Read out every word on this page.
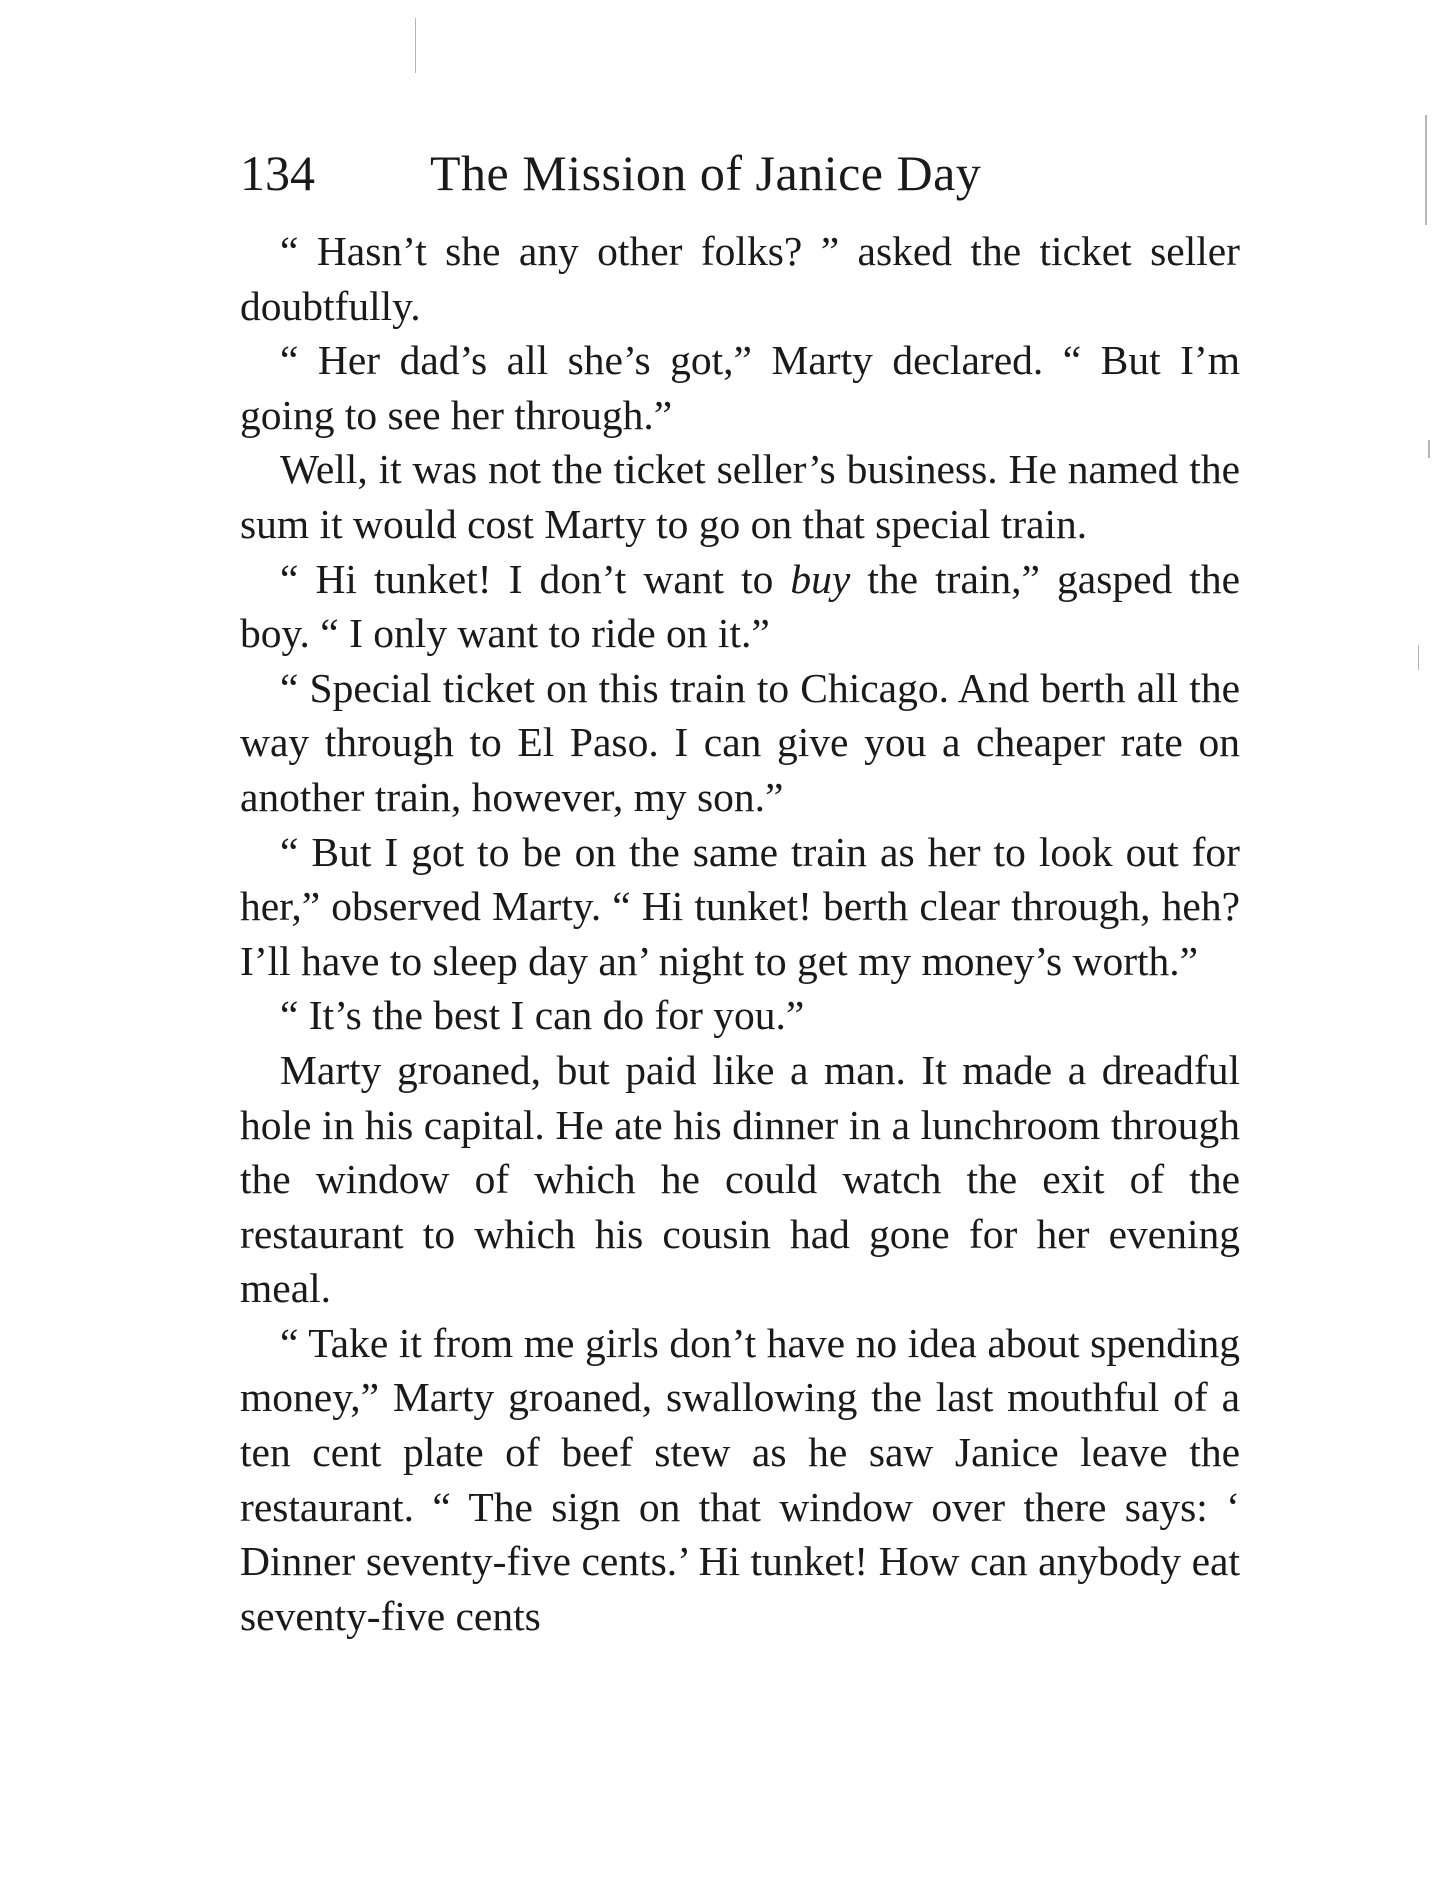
134 The Mission of Janice Day

“ Hasn’t she any other folks? ” asked the ticket seller doubtfully.

“ Her dad’s all she’s got,” Marty declared. “ But I’m going to see her through.”

Well, it was not the ticket seller’s business. He named the sum it would cost Marty to go on that special train.

“ Hi tunket! I don’t want to buy the train,” gasped the boy. “ I only want to ride on it.”

“ Special ticket on this train to Chicago. And berth all the way through to El Paso. I can give you a cheaper rate on another train, however, my son.”

“ But I got to be on the same train as her to look out for her,” observed Marty. “ Hi tunket! berth clear through, heh? I’ll have to sleep day an’ night to get my money’s worth.”

“ It’s the best I can do for you.”

Marty groaned, but paid like a man. It made a dreadful hole in his capital. He ate his dinner in a lunchroom through the window of which he could watch the exit of the restaurant to which his cousin had gone for her evening meal.

“ Take it from me girls don’t have no idea about spending money,” Marty groaned, swallowing the last mouthful of a ten cent plate of beef stew as he saw Janice leave the restaurant. “ The sign on that window over there says: ‘ Dinner seventy-five cents.’ Hi tunket! How can anybody eat seventy-five cents
